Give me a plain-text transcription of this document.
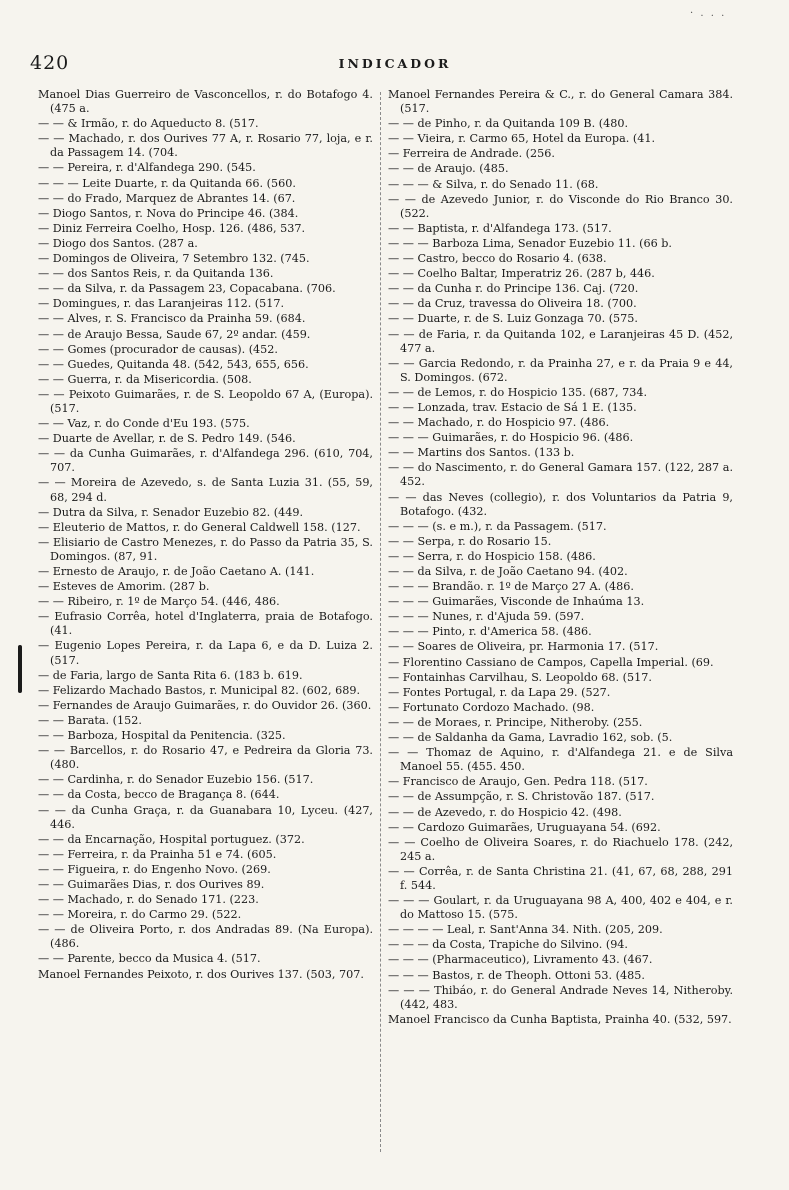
· . . .
420	INDICADOR
Manoel Dias Guerreiro de Vasconcellos, r. do Botafogo 4. (475 a.
— — & Irmão, r. do Aqueducto 8. (517.
— — Machado, r. dos Ourives 77 A, r. Rosario 77, loja, e r. da Passagem 14. (704.
— — Pereira, r. d'Alfandega 290. (545.
— — — Leite Duarte, r. da Quitanda 66. (560.
— — do Frado, Marquez de Abrantes 14. (67.
— Diogo Santos, r. Nova do Principe 46. (384.
— Diniz Ferreira Coelho, Hosp. 126. (486, 537.
— Diogo dos Santos. (287 a.
— Domingos de Oliveira, 7 Setembro 132. (745.
— — dos Santos Reis, r. da Quitanda 136.
— — da Silva, r. da Passagem 23, Copacabana. (706.
— Domingues, r. das Laranjeiras 112. (517.
— — Alves, r. S. Francisco da Prainha 59. (684.
— — de Araujo Bessa, Saude 67, 2º andar. (459.
— — Gomes (procurador de causas). (452.
— — Guedes, Quitanda 48. (542, 543, 655, 656.
— — Guerra, r. da Misericordia. (508.
— — Peixoto Guimarães, r. de S. Leopoldo 67 A, (Europa). (517.
— — Vaz, r. do Conde d'Eu 193. (575.
— Duarte de Avellar, r. de S. Pedro 149. (546.
— — da Cunha Guimarães, r. d'Alfandega 296. (610, 704, 707.
— — Moreira de Azevedo, s. de Santa Luzia 31. (55, 59, 68, 294 d.
— Dutra da Silva, r. Senador Euzebio 82. (449.
— Eleuterio de Mattos, r. do General Caldwell 158. (127.
— Elisiario de Castro Menezes, r. do Passo da Patria 35, S. Domingos. (87, 91.
— Ernesto de Araujo, r. de João Caetano A. (141.
— Esteves de Amorim. (287 b.
— — Ribeiro, r. 1º de Março 54. (446, 486.
— Eufrasio Corrêa, hotel d'Inglaterra, praia de Botafogo. (41.
— Eugenio Lopes Pereira, r. da Lapa 6, e da D. Luiza 2. (517.
— de Faria, largo de Santa Rita 6. (183 b. 619.
— Felizardo Machado Bastos, r. Municipal 82. (602, 689.
— Fernandes de Araujo Guimarães, r. do Ouvidor 26. (360.
— — Barata. (152.
— — Barboza, Hospital da Penitencia. (325.
— — Barcellos, r. do Rosario 47, e Pedreira da Gloria 73. (480.
— — Cardinha, r. do Senador Euzebio 156. (517.
— — da Costa, becco de Bragança 8. (644.
— — da Cunha Graça, r. da Guanabara 10, Lyceu. (427, 446.
— — da Encarnação, Hospital portuguez. (372.
— — Ferreira, r. da Prainha 51 e 74. (605.
— — Figueira, r. do Engenho Novo. (269.
— — Guimarães Dias, r. dos Ourives 89.
— — Machado, r. do Senado 171. (223.
— — Moreira, r. do Carmo 29. (522.
— — de Oliveira Porto, r. dos Andradas 89. (Na Europa). (486.
— — Parente, becco da Musica 4. (517.
Manoel Fernandes Peixoto, r. dos Ourives 137. (503, 707.
Manoel Fernandes Pereira & C., r. do General Camara 384. (517.
— — de Pinho, r. da Quitanda 109 B. (480.
— — Vieira, r. Carmo 65, Hotel da Europa. (41.
— Ferreira de Andrade. (256.
— — de Araujo. (485.
— — — & Silva, r. do Senado 11. (68.
— — de Azevedo Junior, r. do Visconde do Rio Branco 30. (522.
— — Baptista, r. d'Alfandega 173. (517.
— — — Barboza Lima, Senador Euzebio 11. (66 b.
— — Castro, becco do Rosario 4. (638.
— — Coelho Baltar, Imperatriz 26. (287 b, 446.
— — da Cunha r. do Principe 136. Caj. (720.
— — da Cruz, travessa do Oliveira 18. (700.
— — Duarte, r. de S. Luiz Gonzaga 70. (575.
— — de Faria, r. da Quitanda 102, e Laranjeiras 45 D. (452, 477 a.
— — Garcia Redondo, r. da Prainha 27, e r. da Praia 9 e 44, S. Domingos. (672.
— — de Lemos, r. do Hospicio 135. (687, 734.
— — Lonzada, trav. Estacio de Sá 1 E. (135.
— — Machado, r. do Hospicio 97. (486.
— — — Guimarães, r. do Hospicio 96. (486.
— — Martins dos Santos. (133 b.
— — do Nascimento, r. do General Gamara 157. (122, 287 a. 452.
— — das Neves (collegio), r. dos Voluntarios da Patria 9, Botafogo. (432.
— — — (s. e m.), r. da Passagem. (517.
— — Serpa, r. do Rosario 15.
— — Serra, r. do Hospicio 158. (486.
— — da Silva, r. de João Caetano 94. (402.
— — — Brandão. r. 1º de Março 27 A. (486.
— — — Guimarães, Visconde de Inhaúma 13.
— — — Nunes, r. d'Ajuda 59. (597.
— — — Pinto, r. d'America 58. (486.
— — Soares de Oliveira, pr. Harmonia 17. (517.
— Florentino Cassiano de Campos, Capella Imperial. (69.
— Fontainhas Carvilhau, S. Leopoldo 68. (517.
— Fontes Portugal, r. da Lapa 29. (527.
— Fortunato Cordozo Machado. (98.
— — de Moraes, r. Principe, Nitheroby. (255.
— — de Saldanha da Gama, Lavradio 162, sob. (5.
— — Thomaz de Aquino, r. d'Alfandega 21. e de Silva Manoel 55. (455. 450.
— Francisco de Araujo, Gen. Pedra 118. (517.
— — de Assumpção, r. S. Christovão 187. (517.
— — de Azevedo, r. do Hospicio 42. (498.
— — Cardozo Guimarães, Uruguayana 54. (692.
— — Coelho de Oliveira Soares, r. do Riachuelo 178. (242, 245 a.
— — Corrêa, r. de Santa Christina 21. (41, 67, 68, 288, 291 f. 544.
— — — Goulart, r. da Uruguayana 98 A, 400, 402 e 404, e r. do Mattoso 15. (575.
— — — — Leal, r. Sant'Anna 34. Nith. (205, 209.
— — — da Costa, Trapiche do Silvino. (94.
— — — (Pharmaceutico), Livramento 43. (467.
— — — Bastos, r. de Theoph. Ottoni 53. (485.
— — — Thibáo, r. do General Andrade Neves 14, Nitheroby. (442, 483.
Manoel Francisco da Cunha Baptista, Prainha 40. (532, 597.
